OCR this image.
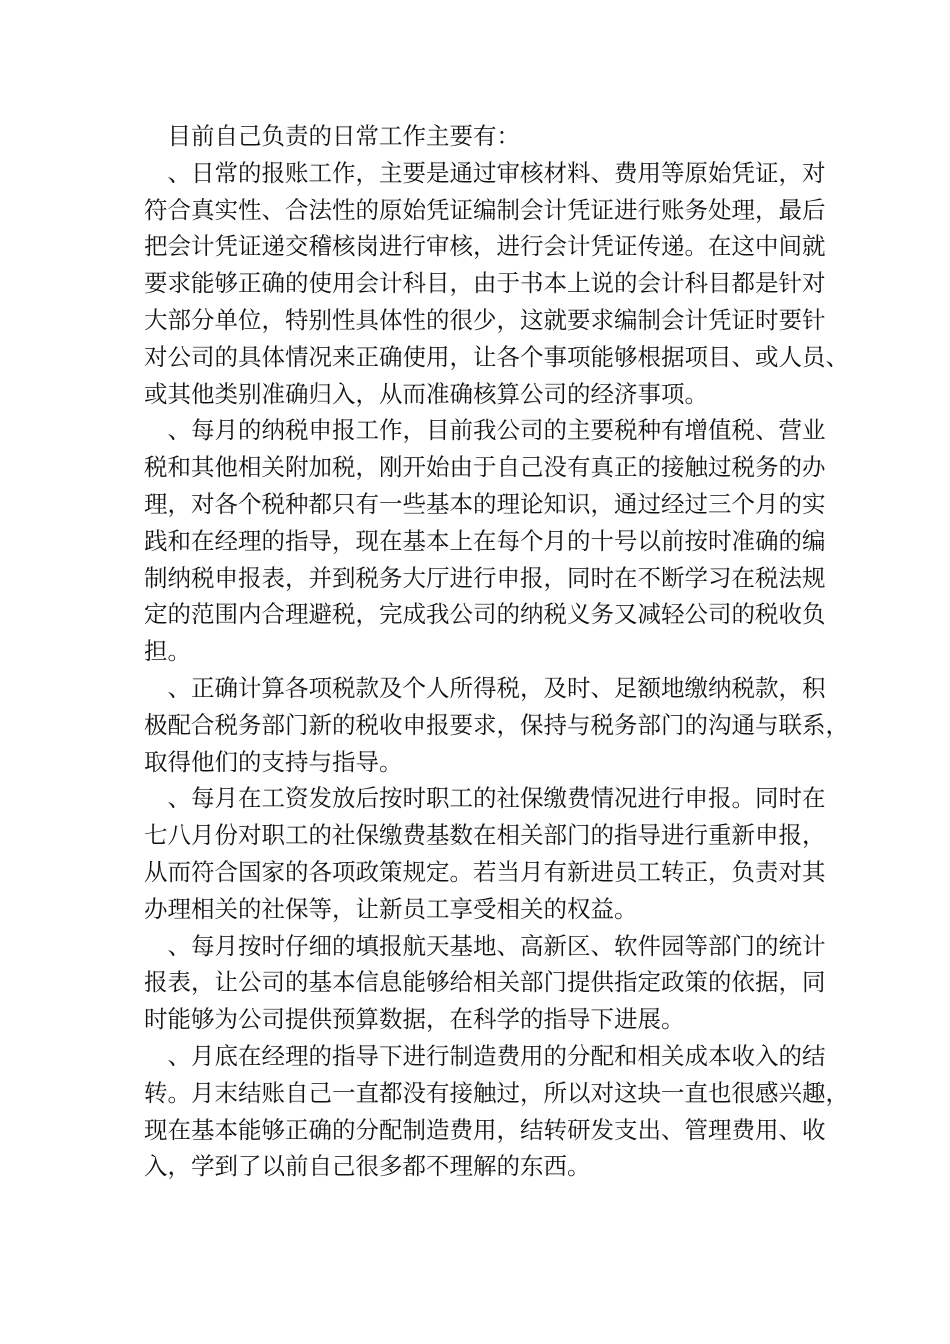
　目前自己负责的日常工作主要有：
　、日常的报账工作，主要是通过审核材料、费用等原始凭证，对
符合真实性、合法性的原始凭证编制会计凭证进行账务处理，最后
把会计凭证递交稽核岗进行审核，进行会计凭证传递。在这中间就
要求能够正确的使用会计科目，由于书本上说的会计科目都是针对
大部分单位，特别性具体性的很少，这就要求编制会计凭证时要针
对公司的具体情况来正确使用，让各个事项能够根据项目、或人员、
或其他类别准确归入，从而准确核算公司的经济事项。
　、每月的纳税申报工作，目前我公司的主要税种有增值税、营业
税和其他相关附加税，刚开始由于自己没有真正的接触过税务的办
理，对各个税种都只有一些基本的理论知识，通过经过三个月的实
践和在经理的指导，现在基本上在每个月的十号以前按时准确的编
制纳税申报表，并到税务大厅进行申报，同时在不断学习在税法规
定的范围内合理避税，完成我公司的纳税义务又减轻公司的税收负
担。
　、正确计算各项税款及个人所得税，及时、足额地缴纳税款，积
极配合税务部门新的税收申报要求，保持与税务部门的沟通与联系，
取得他们的支持与指导。
　、每月在工资发放后按时职工的社保缴费情况进行申报。同时在
七八月份对职工的社保缴费基数在相关部门的指导进行重新申报，
从而符合国家的各项政策规定。若当月有新进员工转正，负责对其
办理相关的社保等，让新员工享受相关的权益。
　、每月按时仔细的填报航天基地、高新区、软件园等部门的统计
报表，让公司的基本信息能够给相关部门提供指定政策的依据，同
时能够为公司提供预算数据，在科学的指导下进展。
　、月底在经理的指导下进行制造费用的分配和相关成本收入的结
转。月末结账自己一直都没有接触过，所以对这块一直也很感兴趣，
现在基本能够正确的分配制造费用，结转研发支出、管理费用、收
入，学到了以前自己很多都不理解的东西。
